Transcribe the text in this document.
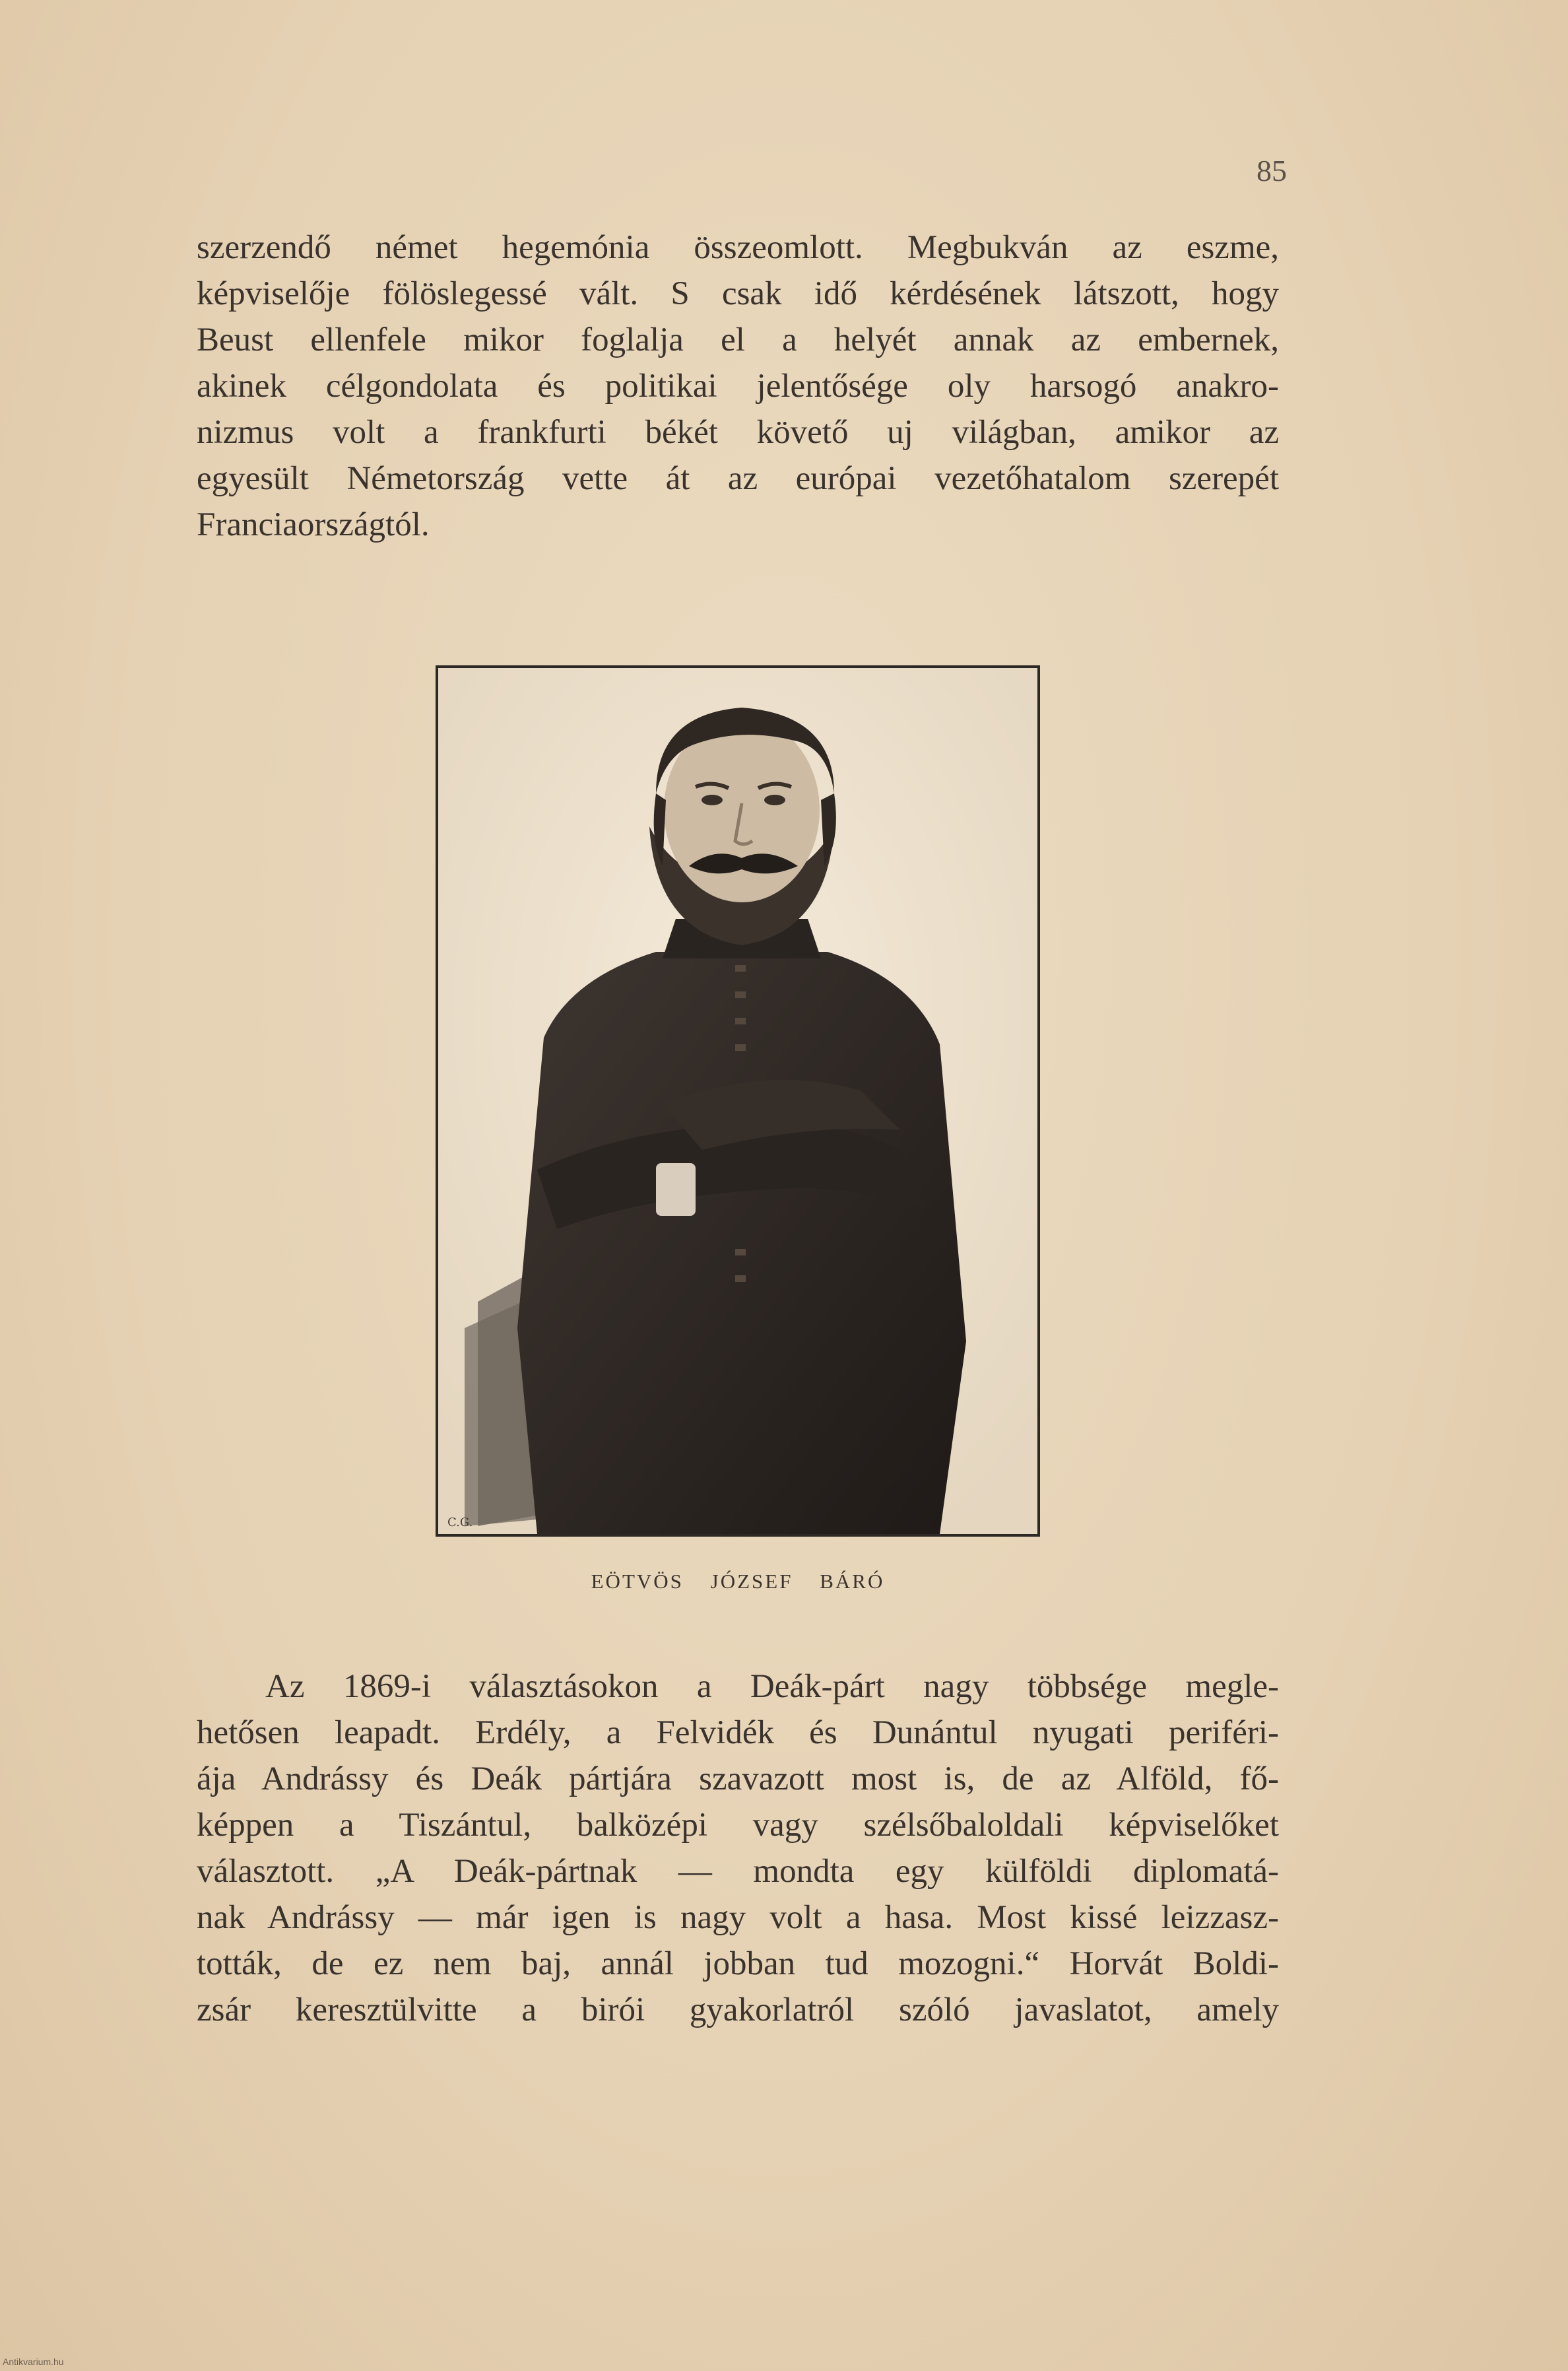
85
szerzendő német hegemónia összeomlott. Megbukván az eszme,
képviselője fölöslegessé vált. S csak idő kérdésének látszott, hogy
Beust ellenfele mikor foglalja el a helyét annak az embernek,
akinek célgondolata és politikai jelentősége oly harsogó anakro-
nizmus volt a frankfurti békét követő uj világban, amikor az
egyesült Németország vette át az európai vezetőhatalom szerepét
Franciaországtól.
C.G.
EÖTVÖS JÓZSEF BÁRÓ
Az 1869-i választásokon a Deák-párt nagy többsége megle-
hetősen leapadt. Erdély, a Felvidék és Dunántul nyugati periféri-
ája Andrássy és Deák pártjára szavazott most is, de az Alföld, fő-
képpen a Tiszántul, balközépi vagy szélsőbaloldali képviselőket
választott. „A Deák-pártnak — mondta egy külföldi diplomatá-
nak Andrássy — már igen is nagy volt a hasa. Most kissé leizzasz-
tották, de ez nem baj, annál jobban tud mozogni.“ Horvát Boldi-
zsár keresztülvitte a birói gyakorlatról szóló javaslatot, amely
Antikvarium.hu
